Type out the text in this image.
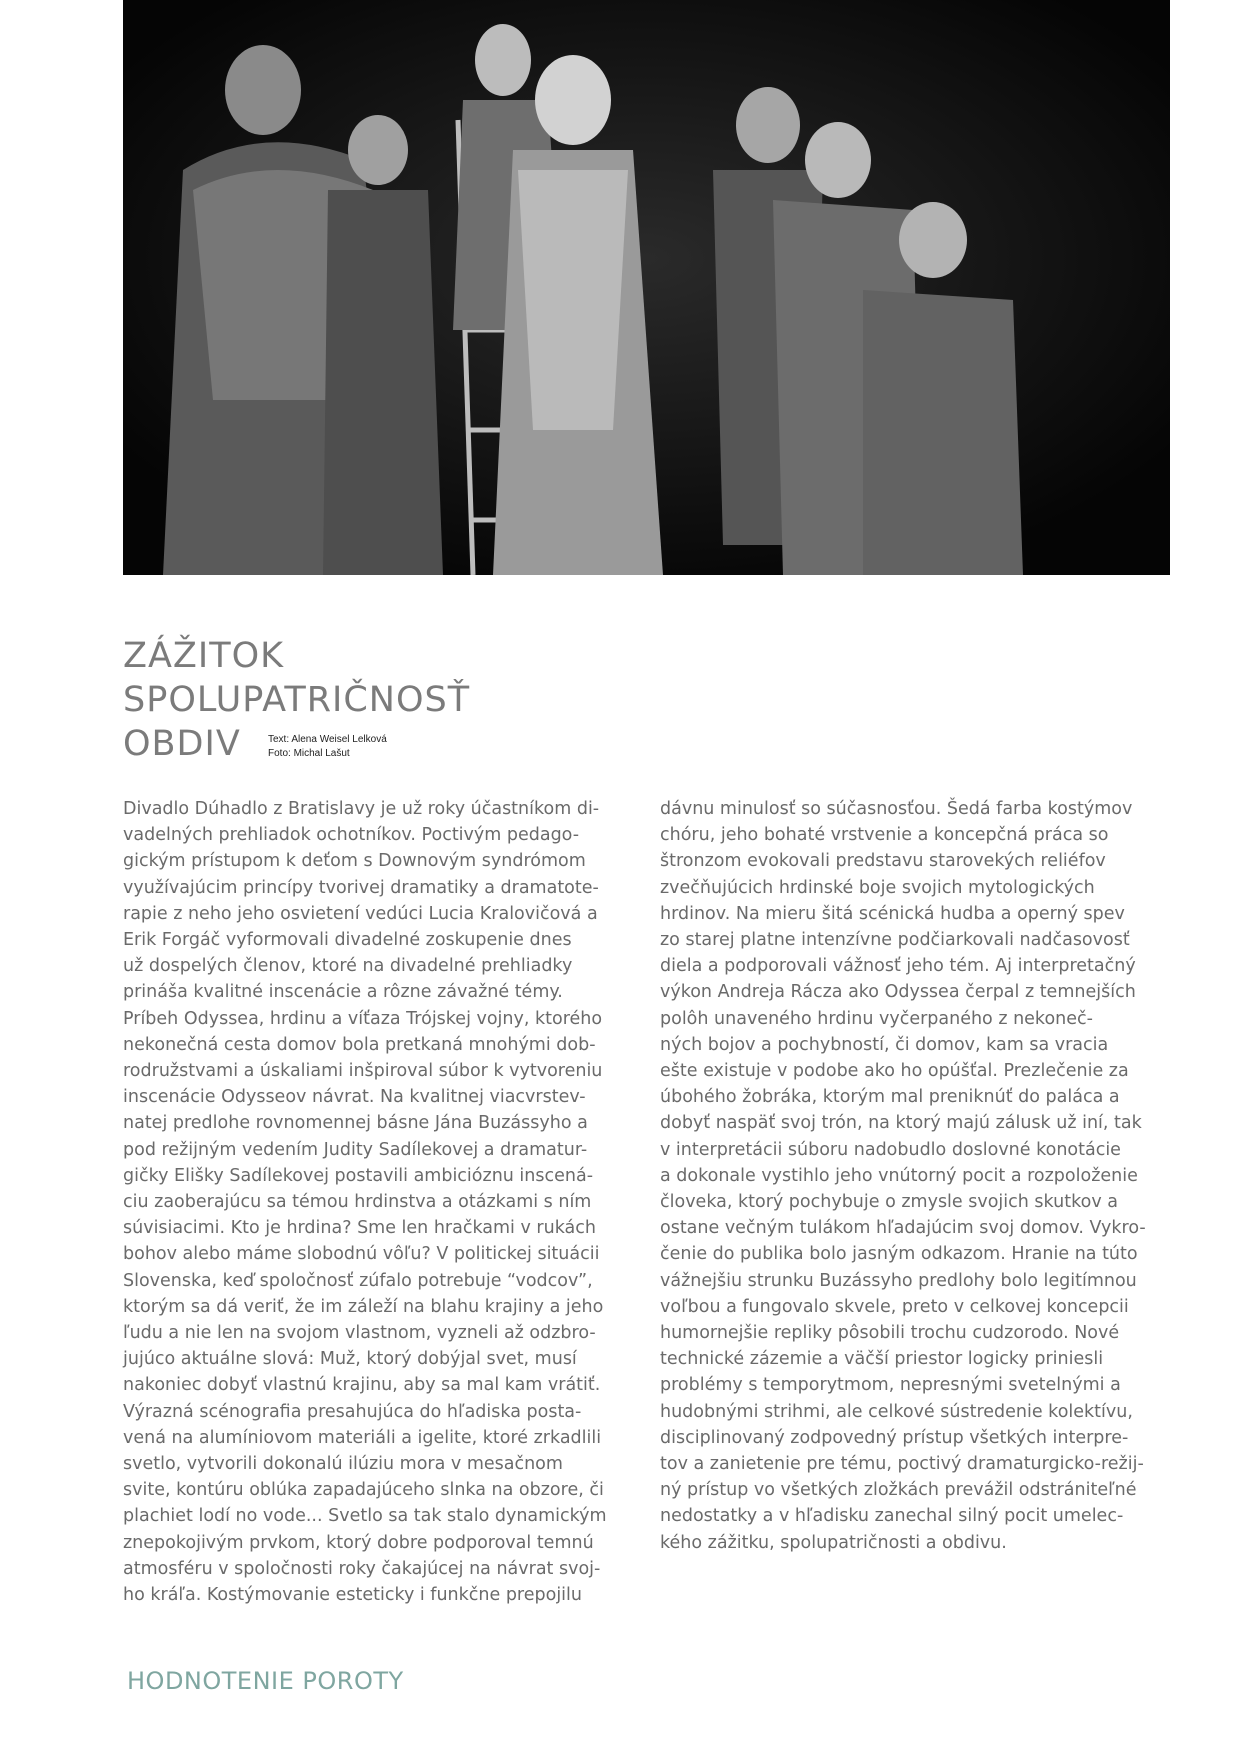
ZÁŽITOK
SPOLUPATRIČNOSŤ
OBDIV	Text: Alena Weisel Lelková
Foto: Michal Lašut
Divadlo Dúhadlo z Bratislavy je už roky účastníkom di-
vadelných prehliadok ochotníkov. Poctivým pedago-
gickým prístupom k deťom s Downovým syndrómom
využívajúcim princípy tvorivej dramatiky a dramatote-
rapie z neho jeho osvietení vedúci Lucia Kralovičová a
Erik Forgáč vyformovali divadelné zoskupenie dnes
už dospelých členov, ktoré na divadelné prehliadky
prináša kvalitné inscenácie a rôzne závažné témy.
Príbeh Odyssea, hrdinu a víťaza Trójskej vojny, ktorého
nekonečná cesta domov bola pretkaná mnohými dob-
rodružstvami a úskaliami inšpiroval súbor k vytvoreniu
inscenácie Odysseov návrat. Na kvalitnej viacvrstev-
natej predlohe rovnomennej básne Jána Buzássyho a
pod režijným vedením Judity Sadílekovej a dramatur-
gičky Elišky Sadílekovej postavili ambicióznu inscená-
ciu zaoberajúcu sa témou hrdinstva a otázkami s ním
súvisiacimi. Kto je hrdina? Sme len hračkami v rukách
bohov alebo máme slobodnú vôľu? V politickej situácii
Slovenska, keď spoločnosť zúfalo potrebuje “vodcov”,
ktorým sa dá veriť, že im záleží na blahu krajiny a jeho
ľudu a nie len na svojom vlastnom, vyzneli až odzbro-
jujúco aktuálne slová: Muž, ktorý dobýjal svet, musí
nakoniec dobyť vlastnú krajinu, aby sa mal kam vrátiť.
Výrazná scénografia presahujúca do hľadiska posta-
vená na alumíniovom materiáli a igelite, ktoré zrkadlili
svetlo, vytvorili dokonalú ilúziu mora v mesačnom
svite, kontúru oblúka zapadajúceho slnka na obzore, či
plachiet lodí no vode... Svetlo sa tak stalo dynamickým
znepokojivým prvkom, ktorý dobre podporoval temnú
atmosféru v spoločnosti roky čakajúcej na návrat svoj-
ho kráľa. Kostýmovanie esteticky i funkčne prepojilu
dávnu minulosť so súčasnosťou. Šedá farba kostýmov
chóru, jeho bohaté vrstvenie a koncepčná práca so
štronzom evokovali predstavu starovekých reliéfov
zvečňujúcich hrdinské boje svojich mytologických
hrdinov. Na mieru šitá scénická hudba a operný spev
zo starej platne intenzívne podčiarkovali nadčasovosť
diela a podporovali vážnosť jeho tém. Aj interpretačný
výkon Andreja Rácza ako Odyssea čerpal z temnejších
polôh unaveného hrdinu vyčerpaného z nekoneč-
ných bojov a pochybností, či domov, kam sa vracia
ešte existuje v podobe ako ho opúšťal. Prezlečenie za
úbohého žobráka, ktorým mal preniknúť do paláca a
dobyť naspäť svoj trón, na ktorý majú zálusk už iní, tak
v interpretácii súboru nadobudlo doslovné konotácie
a dokonale vystihlo jeho vnútorný pocit a rozpoloženie
človeka, ktorý pochybuje o zmysle svojich skutkov a
ostane večným tulákom hľadajúcim svoj domov. Vykro-
čenie do publika bolo jasným odkazom. Hranie na túto
vážnejšiu strunku Buzássyho predlohy bolo legitímnou
voľbou a fungovalo skvele, preto v celkovej koncepcii
humornejšie repliky pôsobili trochu cudzorodo. Nové
technické zázemie a väčší priestor logicky priniesli
problémy s temporytmom, nepresnými svetelnými a
hudobnými strihmi, ale celkové sústredenie kolektívu,
disciplinovaný zodpovedný prístup všetkých interpre-
tov a zanietenie pre tému, poctivý dramaturgicko-režij-
ný prístup vo všetkých zložkách prevážil odstrániteľné
nedostatky a v hľadisku zanechal silný pocit umelec-
kého zážitku, spolupatričnosti a obdivu.
HODNOTENIE POROTY
